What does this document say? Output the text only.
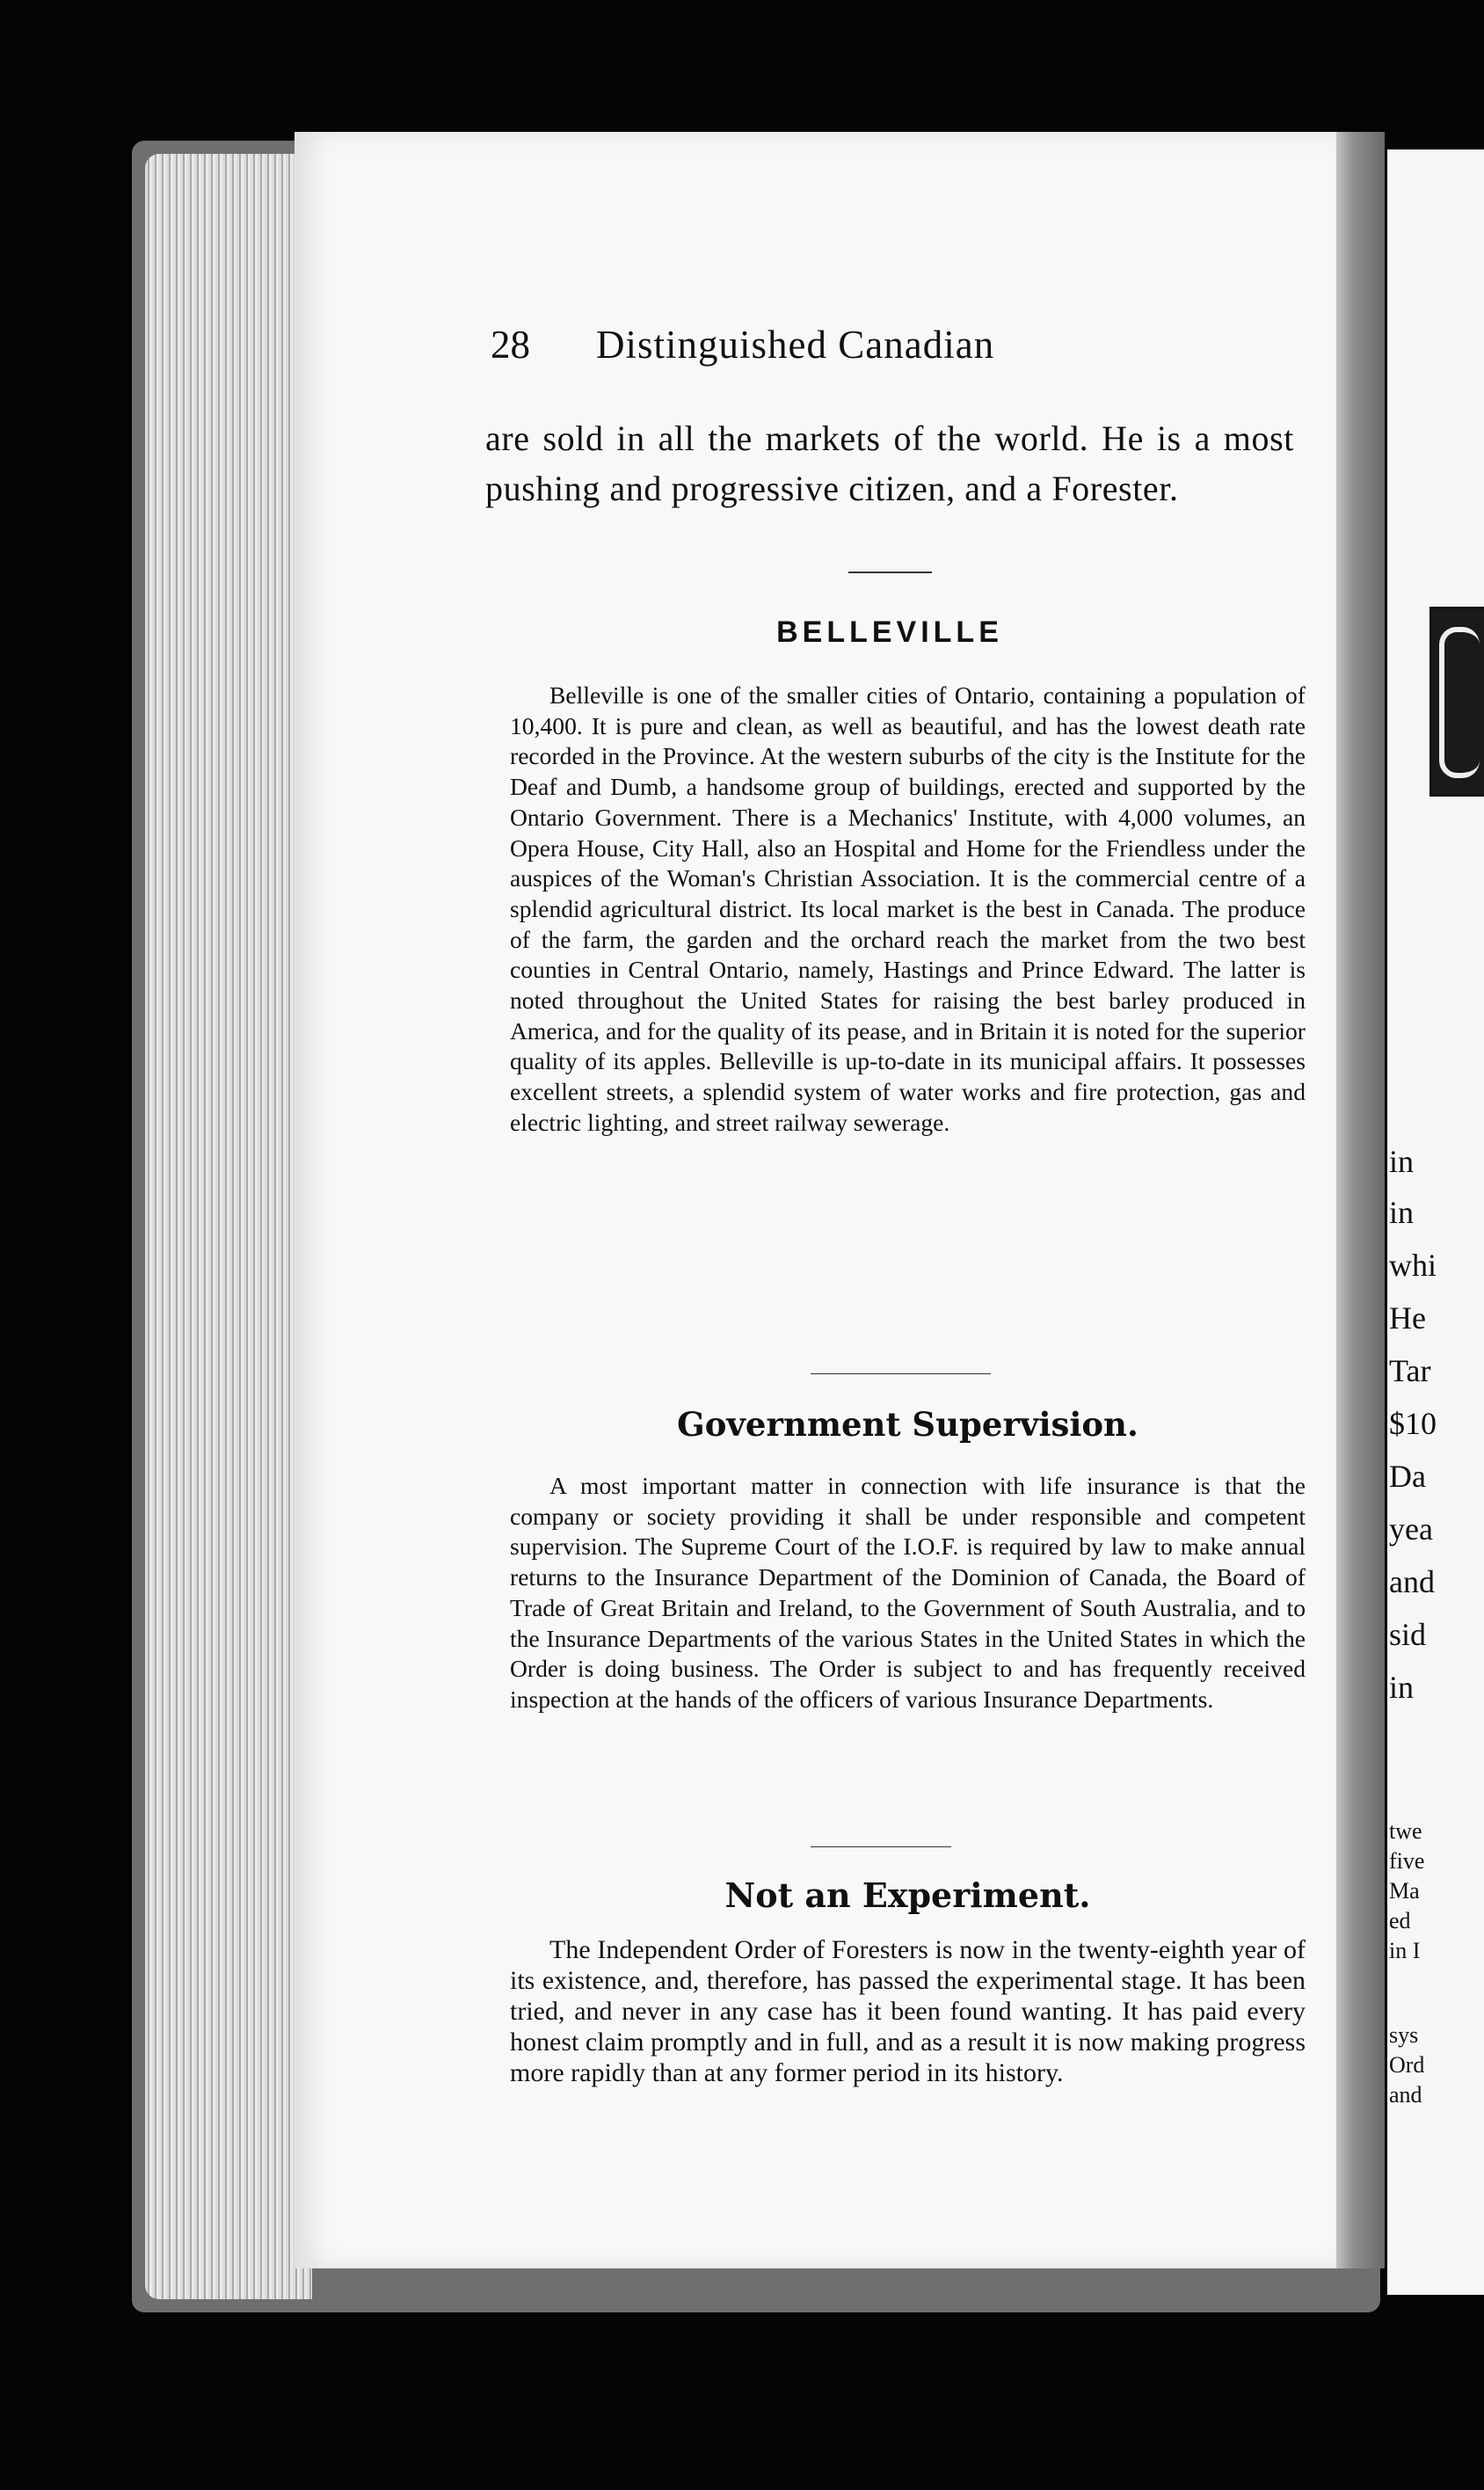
in
in
whi
He
Tar
$10
Da
yea
and
sid
in
twe
five
Ma
ed
in I
sys
Ord
and
28 Distinguished Canadian
are sold in all the markets of the world. He is a most pushing and progressive citizen, and a Forester.
BELLEVILLE

Belleville is one of the smaller cities of Ontario, containing a population of 10,400. It is pure and clean, as well as beautiful, and has the lowest death rate recorded in the Province. At the western suburbs of the city is the Institute for the Deaf and Dumb, a handsome group of buildings, erected and supported by the Ontario Government. There is a Mechanics' Institute, with 4,000 volumes, an Opera House, City Hall, also an Hospital and Home for the Friendless under the auspices of the Woman's Christian Association. It is the commercial centre of a splendid agricultural district. Its local market is the best in Canada. The produce of the farm, the garden and the orchard reach the market from the two best counties in Central Ontario, namely, Hastings and Prince Edward. The latter is noted throughout the United States for raising the best barley produced in America, and for the quality of its pease, and in Britain it is noted for the superior quality of its apples. Belleville is up-to-date in its municipal affairs. It possesses excellent streets, a splendid system of water works and fire protection, gas and electric lighting, and street railway sewerage.

Government Supervision.

A most important matter in connection with life insurance is that the company or society providing it shall be under responsible and competent supervision. The Supreme Court of the I.O.F. is required by law to make annual returns to the Insurance Department of the Dominion of Canada, the Board of Trade of Great Britain and Ireland, to the Government of South Australia, and to the Insurance Departments of the various States in the United States in which the Order is doing business. The Order is subject to and has frequently received inspection at the hands of the officers of various Insurance Departments.

Not an Experiment.

The Independent Order of Foresters is now in the twenty-eighth year of its existence, and, therefore, has passed the experimental stage. It has been tried, and never in any case has it been found wanting. It has paid every honest claim promptly and in full, and as a result it is now making progress more rapidly than at any former period in its history.
